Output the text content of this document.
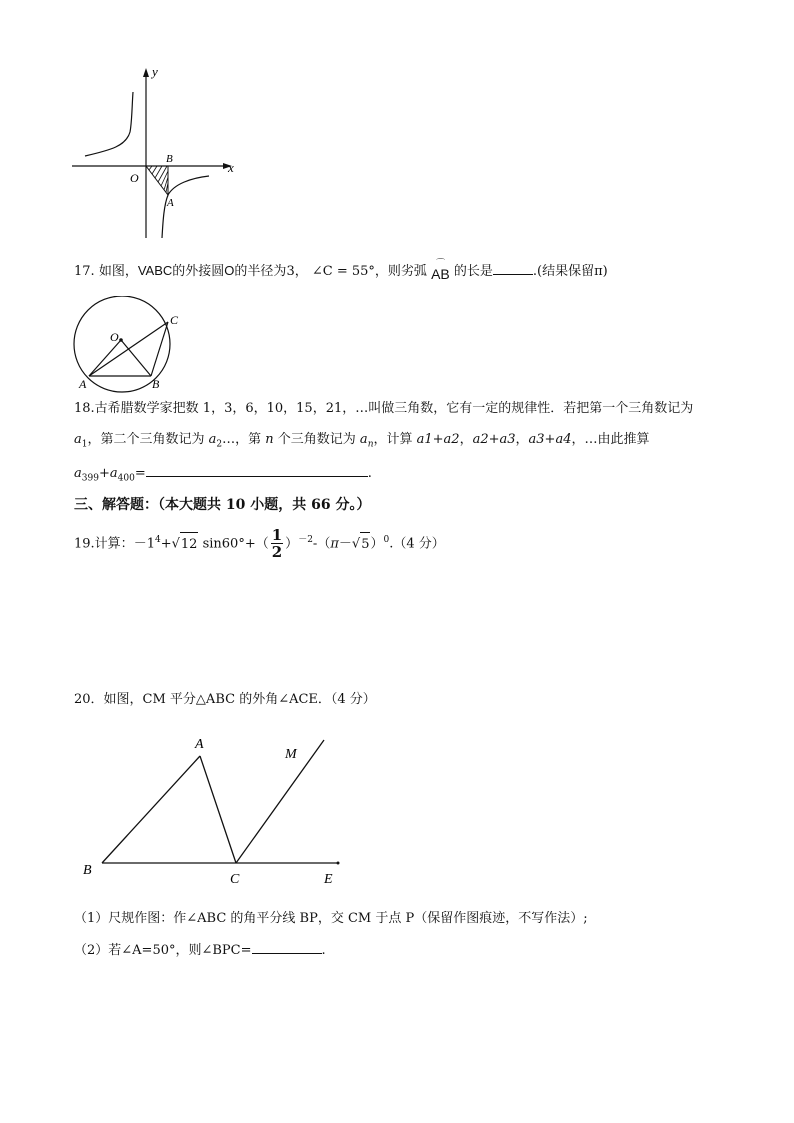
y
x
O
B
A
17. 如图，VABC的外接圆O的半径为3， ∠C = 55°，则劣弧
⌒
AB 的长是	.(结果保留π)
O
C
A	B
18.古希腊数学家把数 1，3，6，10，15，21，…叫做三角数，它有一定的规律性．若把第一个三角数记为
$a_1$，第二个三角数记为 $a_2\dots$，第 n 个三角数记为 $a_n$，计算 a1+a2，a2+a3，a3+a4，…由此推算
$a_{399}+a_{400}=$	.
三、解答题：（本大题共 10 小题，共 66 分。）
19.计算：$-1^4+√12$ $\sin 60^\circ+( \frac{1}{2} )^{-2}-(\pi-√5)^0.(4$ 分）
20．如图，CM 平分△ABC 的外角∠ACE．（4 分）
A
M
B
C	E
（1）尺规作图：作∠ABC 的角平分线 BP，交 CM 于点 P（保留作图痕迹，不写作法）;
（2）若∠A=50°，则∠BPC=	.
